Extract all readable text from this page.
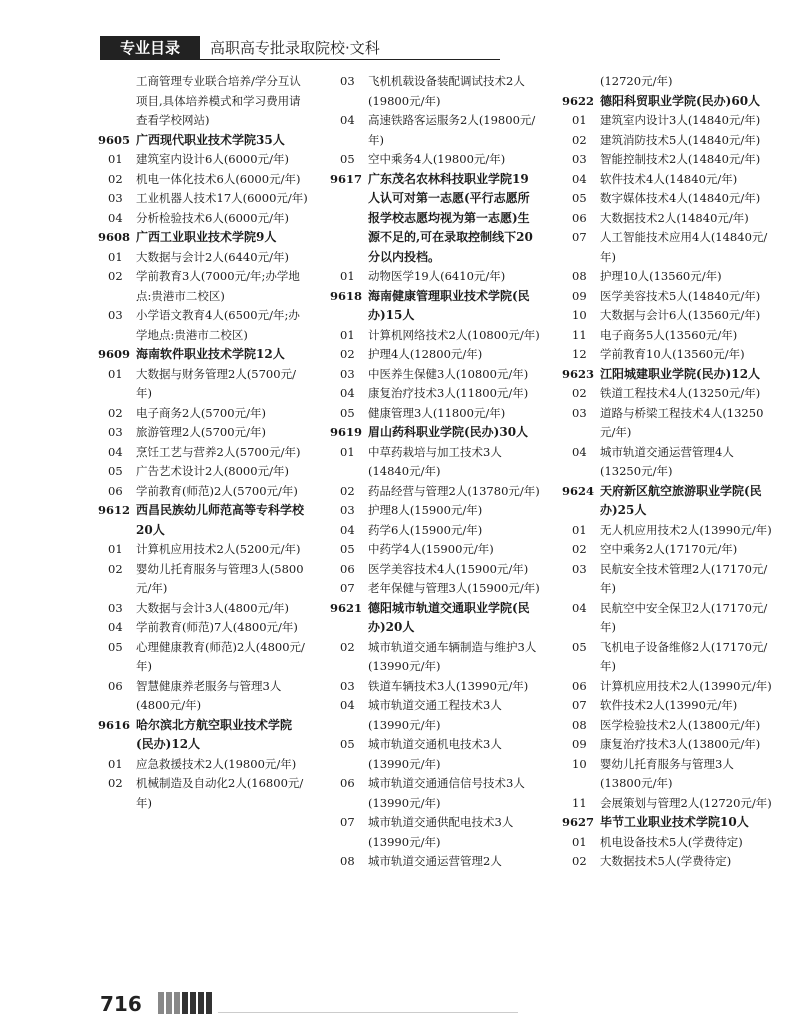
专业目录	高职高专批录取院校·文科
工商管理专业联合培养/学分互认项目,具体培养模式和学习费用请查看学校网站)
9605 广西现代职业技术学院35人
01 建筑室内设计6人(6000元/年)
02 机电一体化技术6人(6000元/年)
03 工业机器人技术17人(6000元/年)
04 分析检验技术6人(6000元/年)
9608 广西工业职业技术学院9人
01 大数据与会计2人(6440元/年)
02 学前教育3人(7000元/年;办学地点:贵港市二校区)
03 小学语文教育4人(6500元/年;办学地点:贵港市二校区)
9609 海南软件职业技术学院12人
01 大数据与财务管理2人(5700元/年)
02 电子商务2人(5700元/年)
03 旅游管理2人(5700元/年)
04 烹饪工艺与营养2人(5700元/年)
05 广告艺术设计2人(8000元/年)
06 学前教育(师范)2人(5700元/年)
9612 西昌民族幼儿师范高等专科学校20人
01 计算机应用技术2人(5200元/年)
02 婴幼儿托育服务与管理3人(5800元/年)
03 大数据与会计3人(4800元/年)
04 学前教育(师范)7人(4800元/年)
05 心理健康教育(师范)2人(4800元/年)
06 智慧健康养老服务与管理3人(4800元/年)
9616 哈尔滨北方航空职业技术学院(民办)12人
01 应急救援技术2人(19800元/年)
02 机械制造及自动化2人(16800元/年)
03 飞机机载设备装配调试技术2人(19800元/年)
04 高速铁路客运服务2人(19800元/年)
05 空中乘务4人(19800元/年)
9617 广东茂名农林科技职业学院19人认可对第一志愿(平行志愿所报学校志愿均视为第一志愿)生源不足的,可在录取控制线下20分以内投档。
01 动物医学19人(6410元/年)
9618 海南健康管理职业技术学院(民办)15人
01 计算机网络技术2人(10800元/年)
02 护理4人(12800元/年)
03 中医养生保健3人(10800元/年)
04 康复治疗技术3人(11800元/年)
05 健康管理3人(11800元/年)
9619 眉山药科职业学院(民办)30人
01 中草药栽培与加工技术3人(14840元/年)
02 药品经营与管理2人(13780元/年)
03 护理8人(15900元/年)
04 药学6人(15900元/年)
05 中药学4人(15900元/年)
06 医学美容技术4人(15900元/年)
07 老年保健与管理3人(15900元/年)
9621 德阳城市轨道交通职业学院(民办)20人
02 城市轨道交通车辆制造与维护3人(13990元/年)
03 铁道车辆技术3人(13990元/年)
04 城市轨道交通工程技术3人(13990元/年)
05 城市轨道交通机电技术3人(13990元/年)
06 城市轨道交通通信信号技术3人(13990元/年)
07 城市轨道交通供配电技术3人(13990元/年)
08 城市轨道交通运营管理2人
(12720元/年)
9622 德阳科贸职业学院(民办)60人
01 建筑室内设计3人(14840元/年)
02 建筑消防技术5人(14840元/年)
03 智能控制技术2人(14840元/年)
04 软件技术4人(14840元/年)
05 数字媒体技术4人(14840元/年)
06 大数据技术2人(14840元/年)
07 人工智能技术应用4人(14840元/年)
08 护理10人(13560元/年)
09 医学美容技术5人(14840元/年)
10 大数据与会计6人(13560元/年)
11 电子商务5人(13560元/年)
12 学前教育10人(13560元/年)
9623 江阳城建职业学院(民办)12人
02 铁道工程技术4人(13250元/年)
03 道路与桥梁工程技术4人(13250元/年)
04 城市轨道交通运营管理4人(13250元/年)
9624 天府新区航空旅游职业学院(民办)25人
01 无人机应用技术2人(13990元/年)
02 空中乘务2人(17170元/年)
03 民航安全技术管理2人(17170元/年)
04 民航空中安全保卫2人(17170元/年)
05 飞机电子设备维修2人(17170元/年)
06 计算机应用技术2人(13990元/年)
07 软件技术2人(13990元/年)
08 医学检验技术2人(13800元/年)
09 康复治疗技术3人(13800元/年)
10 婴幼儿托育服务与管理3人(13800元/年)
11 会展策划与管理2人(12720元/年)
9627 毕节工业职业技术学院10人
01 机电设备技术5人(学费待定)
02 大数据技术5人(学费待定)
716
